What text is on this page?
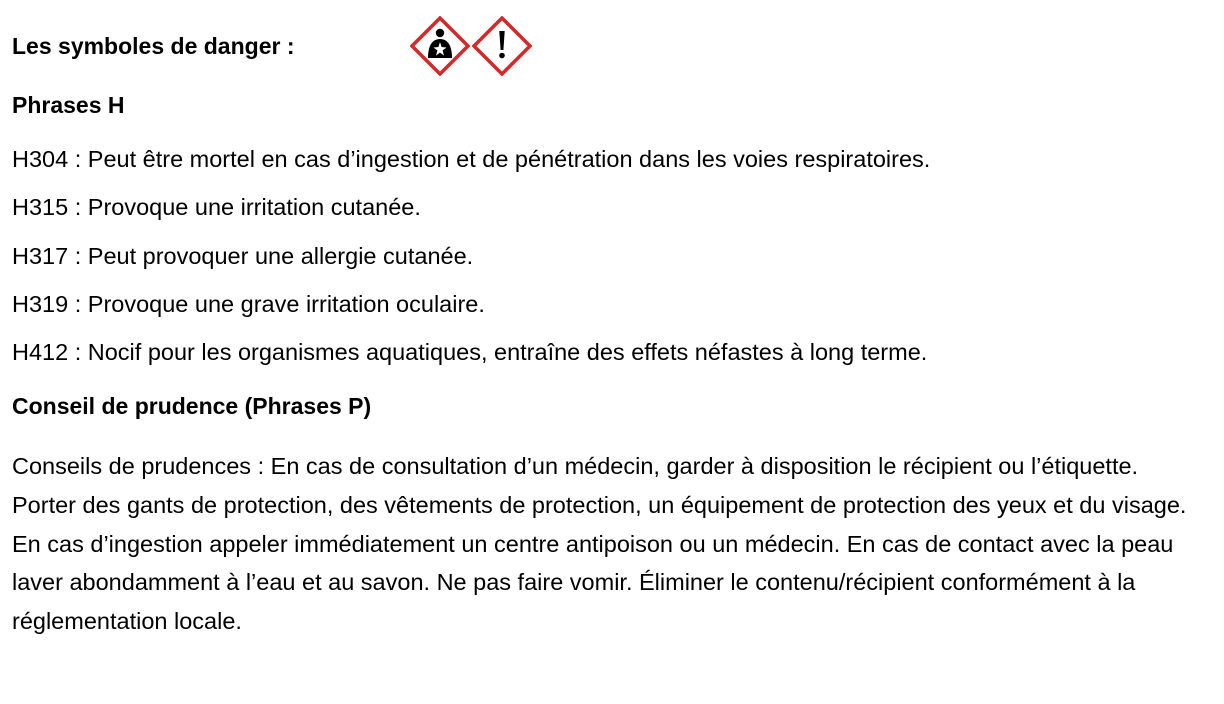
Les symboles de danger :
Phrases H
H304 : Peut être mortel en cas d’ingestion et de pénétration dans les voies respiratoires.
H315 : Provoque une irritation cutanée.
H317 : Peut provoquer une allergie cutanée.
H319 : Provoque une grave irritation oculaire.
H412 : Nocif pour les organismes aquatiques, entraîne des effets néfastes à long terme.
Conseil de prudence (Phrases P)

Conseils de prudences : En cas de consultation d’un médecin, garder à disposition le récipient ou l’étiquette. Porter des gants de protection, des vêtements de protection, un équipement de protection des yeux et du visage. En cas d’ingestion appeler immédiatement un centre antipoison ou un médecin. En cas de contact avec la peau laver abondamment à l’eau et au savon. Ne pas faire vomir. Éliminer le contenu/récipient conformément à la réglementation locale.
